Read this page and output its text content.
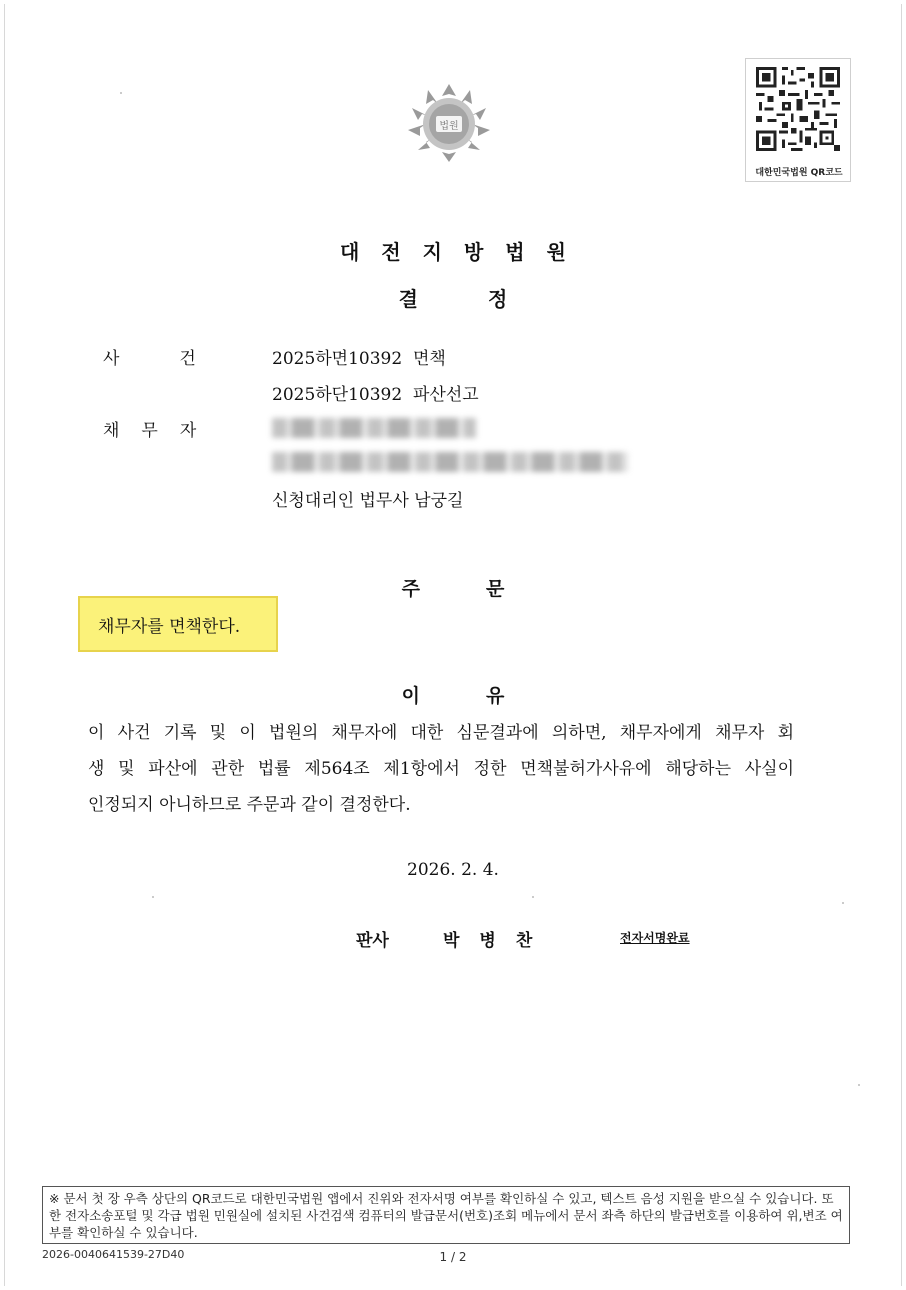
법원
대한민국법원 QR코드
대전지방법원
결정
사건 2025하면10392  면책
2025하단10392  파산선고
채무자
신청대리인 법무사 남궁길
주문
채무자를 면책한다.
이유
이 사건 기록 및 이 법원의 채무자에 대한 심문결과에 의하면, 채무자에게 채무자 회
생 및 파산에 관한 법률 제564조 제1항에서 정한 면책불허가사유에 해당하는 사실이
인정되지 아니하므로 주문과 같이 결정한다.
2026. 2. 4.
판사	박병찬	전자서명완료
※ 문서 첫 장 우측 상단의 QR코드로 대한민국법원 앱에서 진위와 전자서명 여부를 확인하실 수 있고, 텍스트 음성 지원을 받으실 수 있습니다. 또한 전자소송포털 및 각급 법원 민원실에 설치된 사건검색 컴퓨터의 발급문서(번호)조회 메뉴에서 문서 좌측 하단의 발급번호를 이용하여 위,변조 여부를 확인하실 수 있습니다.
2026-0040641539-27D40	1 / 2
